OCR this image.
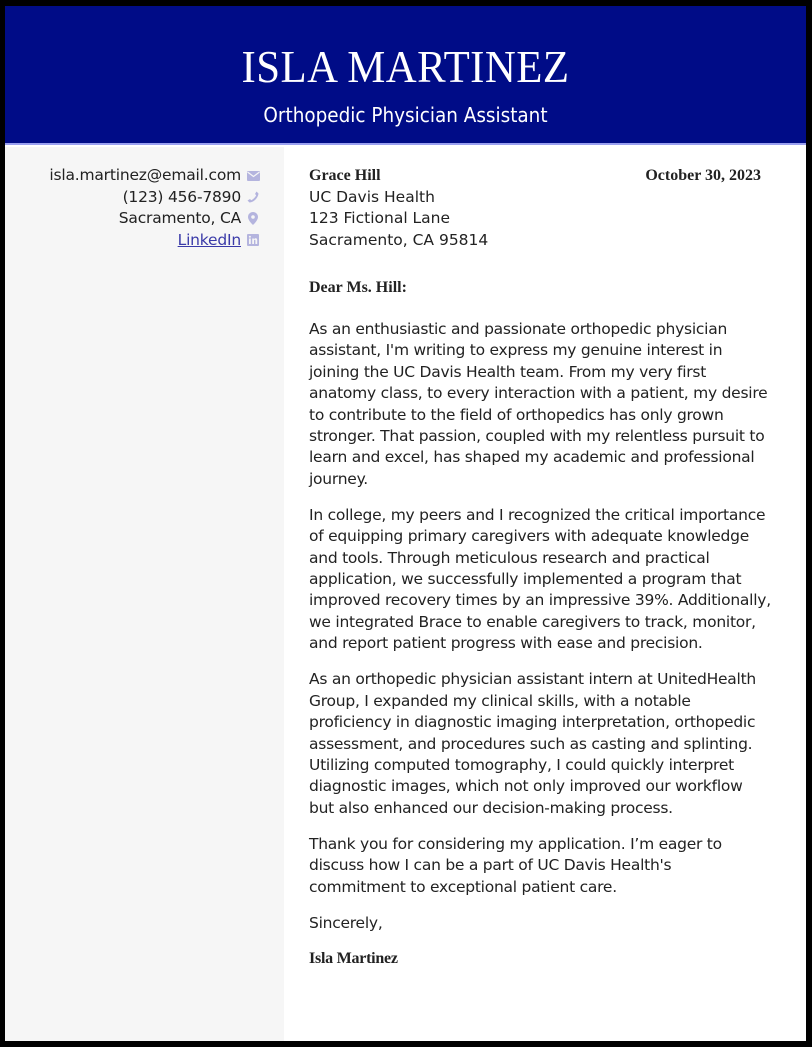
ISLA MARTINEZ
Orthopedic Physician Assistant
isla.martinez@email.com
(123) 456-7890
Sacramento, CA
LinkedIn
Grace Hill
UC Davis Health
123 Fictional Lane
Sacramento, CA 95814
October 30, 2023
Dear Ms. Hill:

As an enthusiastic and passionate orthopedic physician assistant, I'm writing to express my genuine interest in joining the UC Davis Health team. From my very first anatomy class, to every interaction with a patient, my desire to contribute to the field of orthopedics has only grown stronger. That passion, coupled with my relentless pursuit to learn and excel, has shaped my academic and professional journey.

In college, my peers and I recognized the critical importance of equipping primary caregivers with adequate knowledge and tools. Through meticulous research and practical application, we successfully implemented a program that improved recovery times by an impressive 39%. Additionally, we integrated Brace to enable caregivers to track, monitor, and report patient progress with ease and precision.

As an orthopedic physician assistant intern at UnitedHealth Group, I expanded my clinical skills, with a notable proficiency in diagnostic imaging interpretation, orthopedic assessment, and procedures such as casting and splinting. Utilizing computed tomography, I could quickly interpret diagnostic images, which not only improved our workflow but also enhanced our decision-making process.

Thank you for considering my application. I’m eager to discuss how I can be a part of UC Davis Health's commitment to exceptional patient care.

Sincerely,
Isla Martinez
